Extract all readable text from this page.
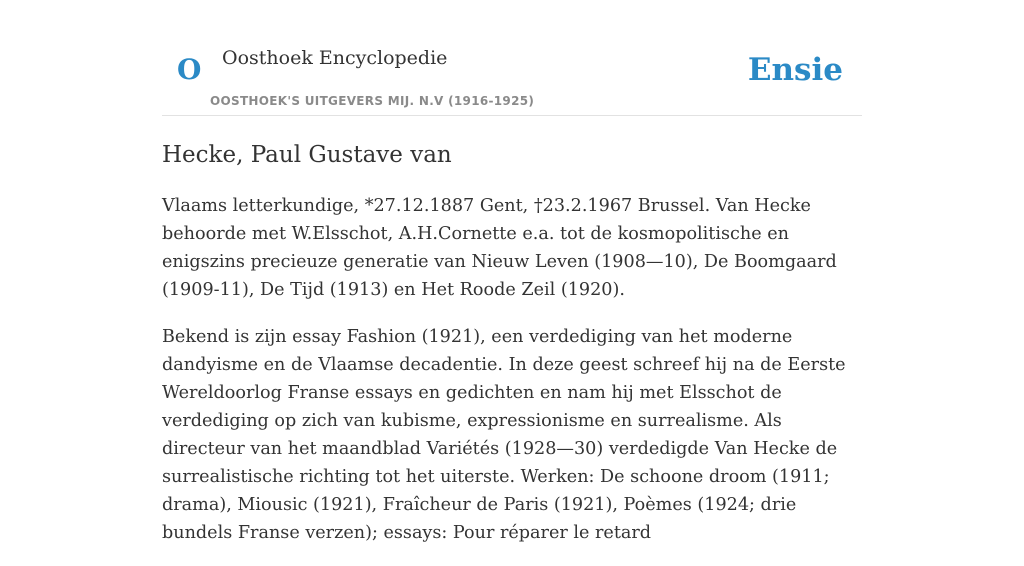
O Oosthoek Encyclopedie
OOSTHOEK'S UITGEVERS MIJ. N.V (1916-1925)
Ensie
Hecke, Paul Gustave van

Vlaams letterkundige, *27.12.1887 Gent, †23.2.1967 Brussel. Van Hecke behoorde met W.Elsschot, A.H.Cornette e.a. tot de kosmopolitische en enigszins precieuze generatie van Nieuw Leven (1908—10), De Boomgaard (1909-11), De Tijd (1913) en Het Roode Zeil (1920).

Bekend is zijn essay Fashion (1921), een verdediging van het moderne dandyisme en de Vlaamse decadentie. In deze geest schreef hij na de Eerste Wereldoorlog Franse essays en gedichten en nam hij met Elsschot de verdediging op zich van kubisme, expressionisme en surrealisme. Als directeur van het maandblad Variétés (1928—30) verdedigde Van Hecke de surrealistische richting tot het uiterste. Werken: De schoone droom (1911; drama), Miousic (1921), Fraîcheur de Paris (1921), Poèmes (1924; drie bundels Franse verzen); essays: Pour réparer le retard
